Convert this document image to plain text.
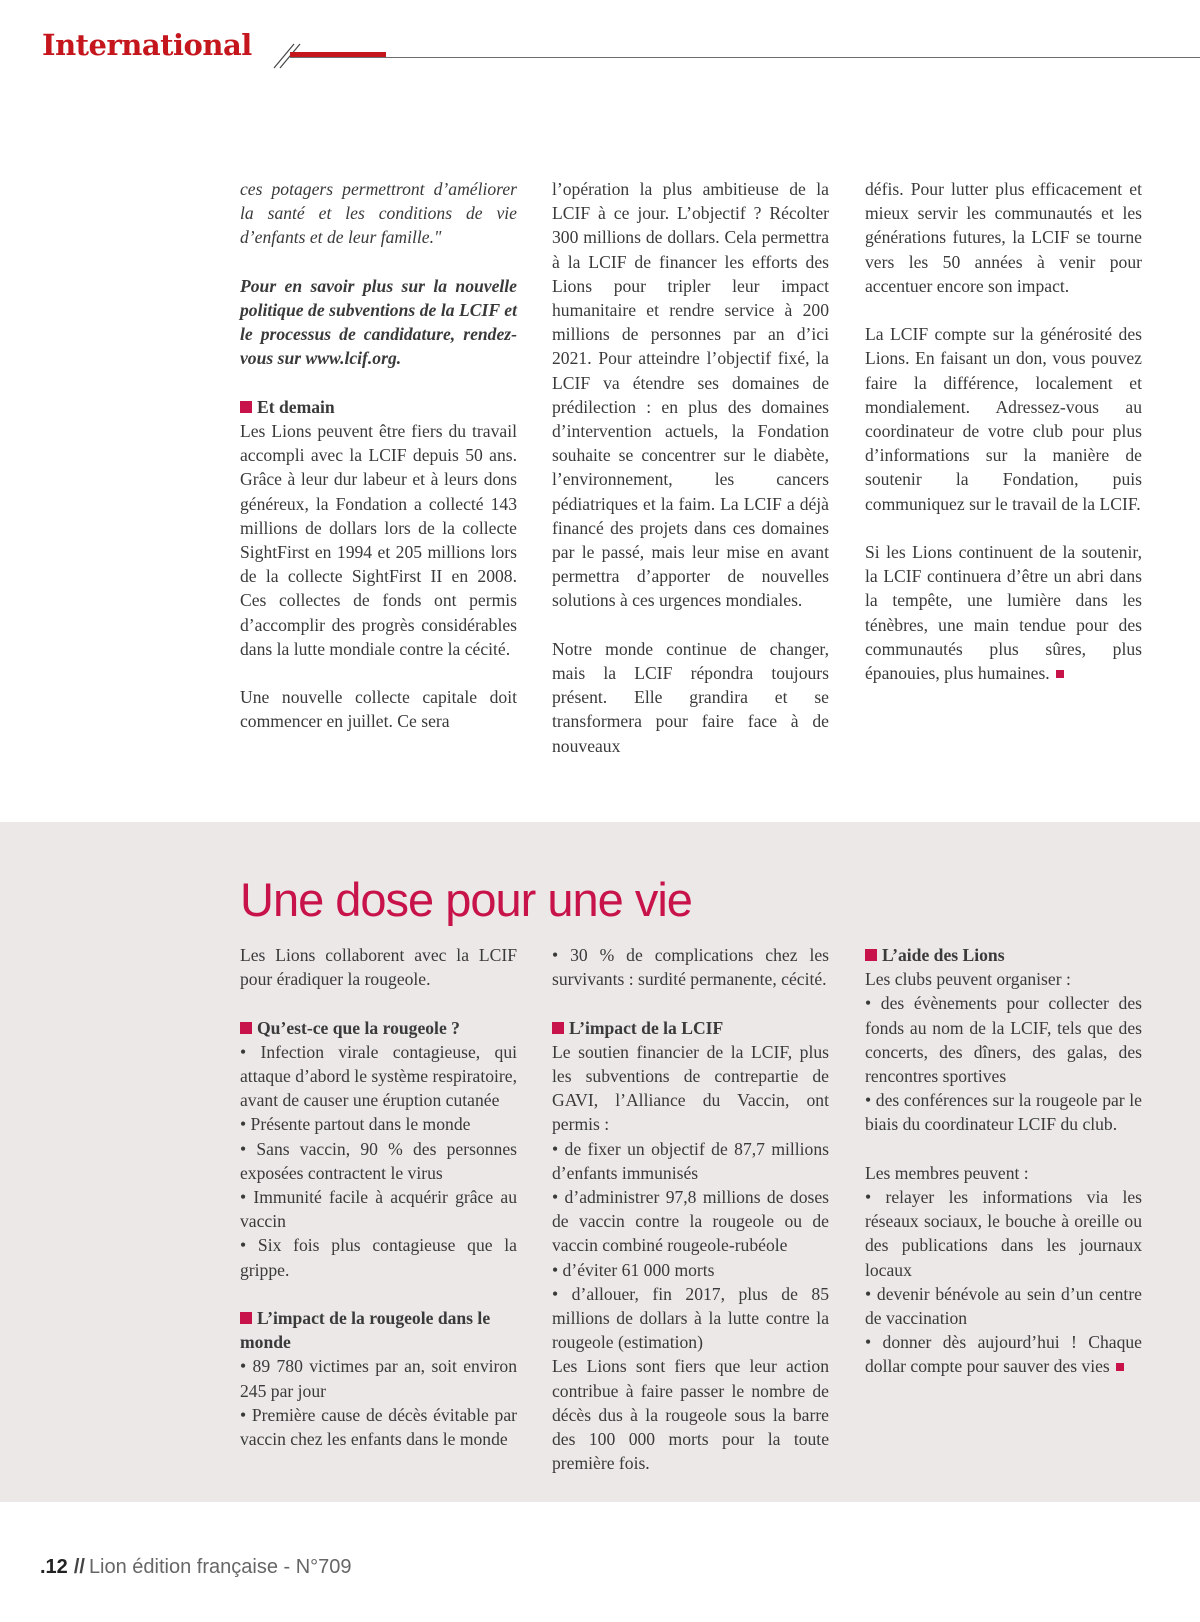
International

ces potagers permettront d’améliorer la santé et les conditions de vie d’enfants et de leur famille."

Pour en savoir plus sur la nouvelle politique de subventions de la LCIF et le processus de candidature, rendez-vous sur www.lcif.org.

Et demain

Les Lions peuvent être fiers du travail accompli avec la LCIF depuis 50 ans. Grâce à leur dur labeur et à leurs dons généreux, la Fondation a collecté 143 millions de dollars lors de la collecte SightFirst en 1994 et 205 millions lors de la collecte SightFirst II en 2008. Ces collectes de fonds ont permis d’accomplir des progrès considérables dans la lutte mondiale contre la cécité.

Une nouvelle collecte capitale doit commencer en juillet. Ce sera

l’opération la plus ambitieuse de la LCIF à ce jour. L’objectif ? Récolter 300 millions de dollars. Cela permettra à la LCIF de financer les efforts des Lions pour tripler leur impact humanitaire et rendre service à 200 millions de personnes par an d’ici 2021. Pour atteindre l’objectif fixé, la LCIF va étendre ses domaines de prédilection : en plus des domaines d’intervention actuels, la Fondation souhaite se concentrer sur le diabète, l’environnement, les cancers pédiatriques et la faim. La LCIF a déjà financé des projets dans ces domaines par le passé, mais leur mise en avant permettra d’apporter de nouvelles solutions à ces urgences mondiales.

Notre monde continue de changer, mais la LCIF répondra toujours présent. Elle grandira et se transformera pour faire face à de nouveaux

défis. Pour lutter plus efficacement et mieux servir les communautés et les générations futures, la LCIF se tourne vers les 50 années à venir pour accentuer encore son impact.

La LCIF compte sur la générosité des Lions. En faisant un don, vous pouvez faire la différence, localement et mondialement. Adressez-vous au coordinateur de votre club pour plus d’informations sur la manière de soutenir la Fondation, puis communiquez sur le travail de la LCIF.

Si les Lions continuent de la soutenir, la LCIF continuera d’être un abri dans la tempête, une lumière dans les ténèbres, une main tendue pour des communautés plus sûres, plus épanouies, plus humaines.

Une dose pour une vie

Les Lions collaborent avec la LCIF pour éradiquer la rougeole.

Qu’est-ce que la rougeole ?
• Infection virale contagieuse, qui attaque d’abord le système respiratoire, avant de causer une éruption cutanée
• Présente partout dans le monde
• Sans vaccin, 90 % des personnes exposées contractent le virus
• Immunité facile à acquérir grâce au vaccin
• Six fois plus contagieuse que la grippe.
L’impact de la rougeole dans le monde
• 89 780 victimes par an, soit environ 245 par jour
• Première cause de décès évitable par vaccin chez les enfants dans le monde

• 30 % de complications chez les survivants : surdité permanente, cécité.

L’impact de la LCIF
Le soutien financier de la LCIF, plus les subventions de contrepartie de GAVI, l’Alliance du Vaccin, ont permis :
• de fixer un objectif de 87,7 millions d’enfants immunisés
• d’administrer 97,8 millions de doses de vaccin contre la rougeole ou de vaccin combiné rougeole-rubéole
• d’éviter 61 000 morts
• d’allouer, fin 2017, plus de 85 millions de dollars à la lutte contre la rougeole (estimation)
Les Lions sont fiers que leur action contribue à faire passer le nombre de décès dus à la rougeole sous la barre des 100 000 morts pour la toute première fois.
L’aide des Lions
Les clubs peuvent organiser :
• des évènements pour collecter des fonds au nom de la LCIF, tels que des concerts, des dîners, des galas, des rencontres sportives
• des conférences sur la rougeole par le biais du coordinateur LCIF du club.
Les membres peuvent :
• relayer les informations via les réseaux sociaux, le bouche à oreille ou des publications dans les journaux locaux
• devenir bénévole au sein d’un centre de vaccination
• donner dès aujourd’hui ! Chaque dollar compte pour sauver des vies
.12 // Lion édition française - N°709
